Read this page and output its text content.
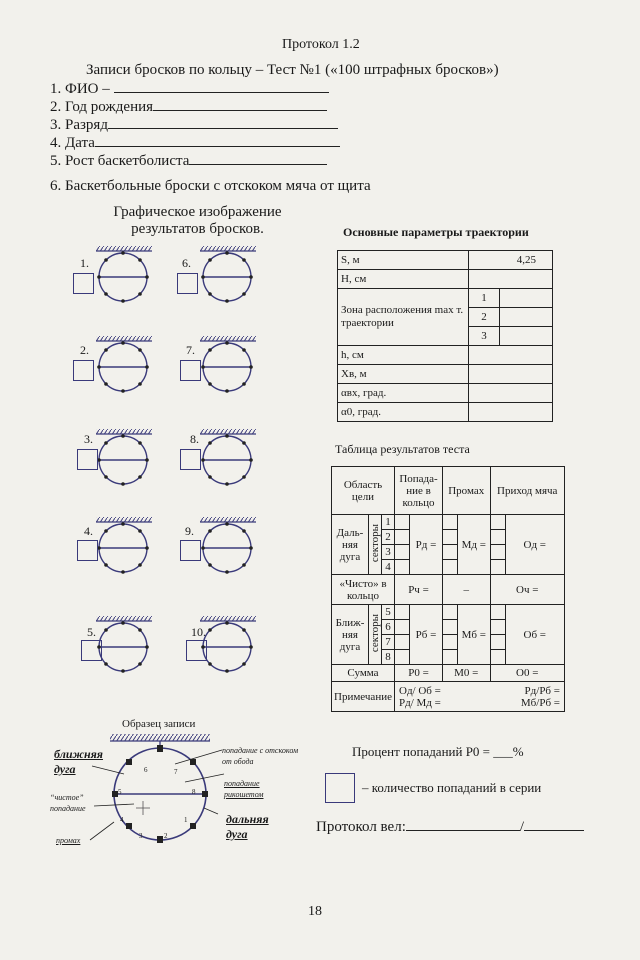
Протокол 1.2
Записи бросков по кольцу – Тест №1 («100 штрафных бросков»)
1. ФИО –
2. Год рождения
3. Разряд
4. Дата
5. Рост баскетболиста
6. Баскетбольные броски с отскоком мяча от щита
Графическое изображение
результатов бросков.
1.	6.
2.	7.
3.	8.
4.	9.
5.	10.
Основные параметры траектории
S, м	4,25	
H, см		
Зона расположения max т. траектории	1	
	2	
	3	
h, см		
Xв, м		
αвх, град.		
α0, град.		
Таблица результатов теста
Область цели			Попада-ние в кольцо		Промах		Приход мяча	
Даль-няя дуга	секторы	1		Pд =		Mд =		Oд =
		2						
		3						
		4						
«Чисто» в кольцо			Pч =		–		Oч =	
Ближ-няя дуга	секторы	5		Pб =		Mб =		Oб =
		6						
		7						
		8						
Сумма			P0 =		M0 =		O0 =	
Примечание			Oд/ Oб = Pд/Pб =
Pд/ Mд = Mб/Pб =					
Образец записи
6	7
5	8
4
3	2
1
ближняя дуга
“чистое” попадание
промах
попадание с отскоком от обода
попадание рикошетом
дальняя дуга
Процент попаданий P0 = ___%
– количество попаданий в серии
Протокол вел:	/
18
